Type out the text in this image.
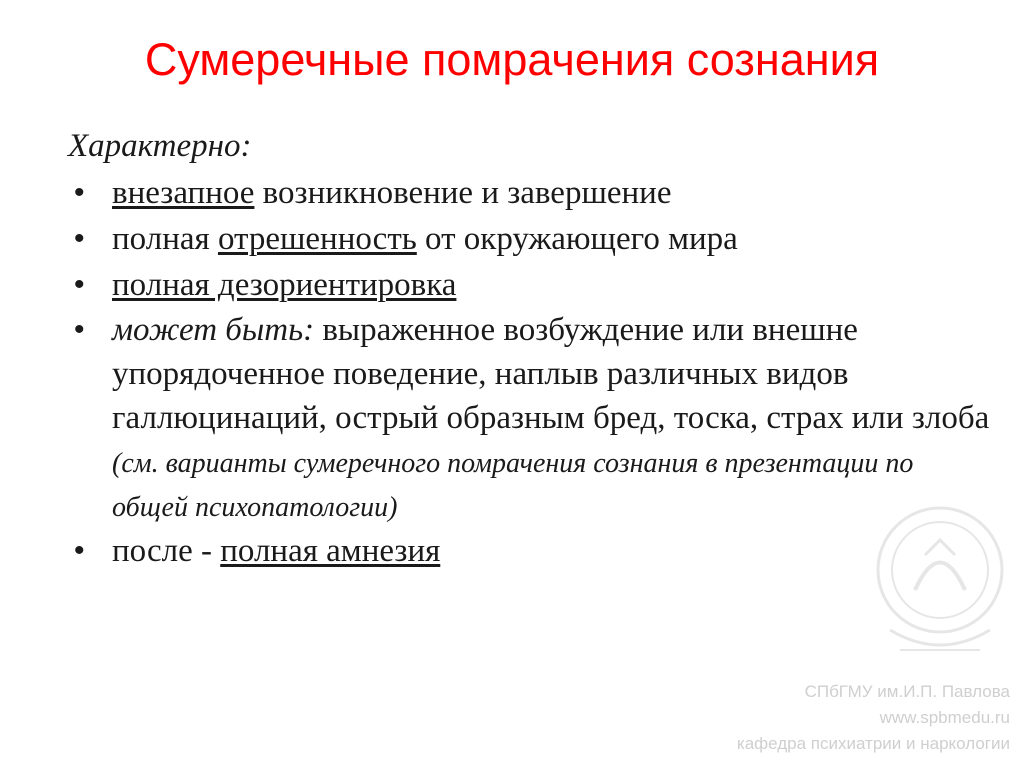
Сумеречные помрачения сознания
Характерно:
• внезапное возникновение и завершение
• полная отрешенность от окружающего мира
• полная дезориентировка
• может быть: выраженное возбуждение или внешне упорядоченное поведение, наплыв различных видов галлюцинаций, острый образным бред, тоска, страх или злоба (см. варианты сумеречного помрачения сознания в презентации по общей психопатологии)
• после - полная амнезия
СПбГМУ им.И.П. Павлова
www.spbmedu.ru
кафедра психиатрии и наркологии
